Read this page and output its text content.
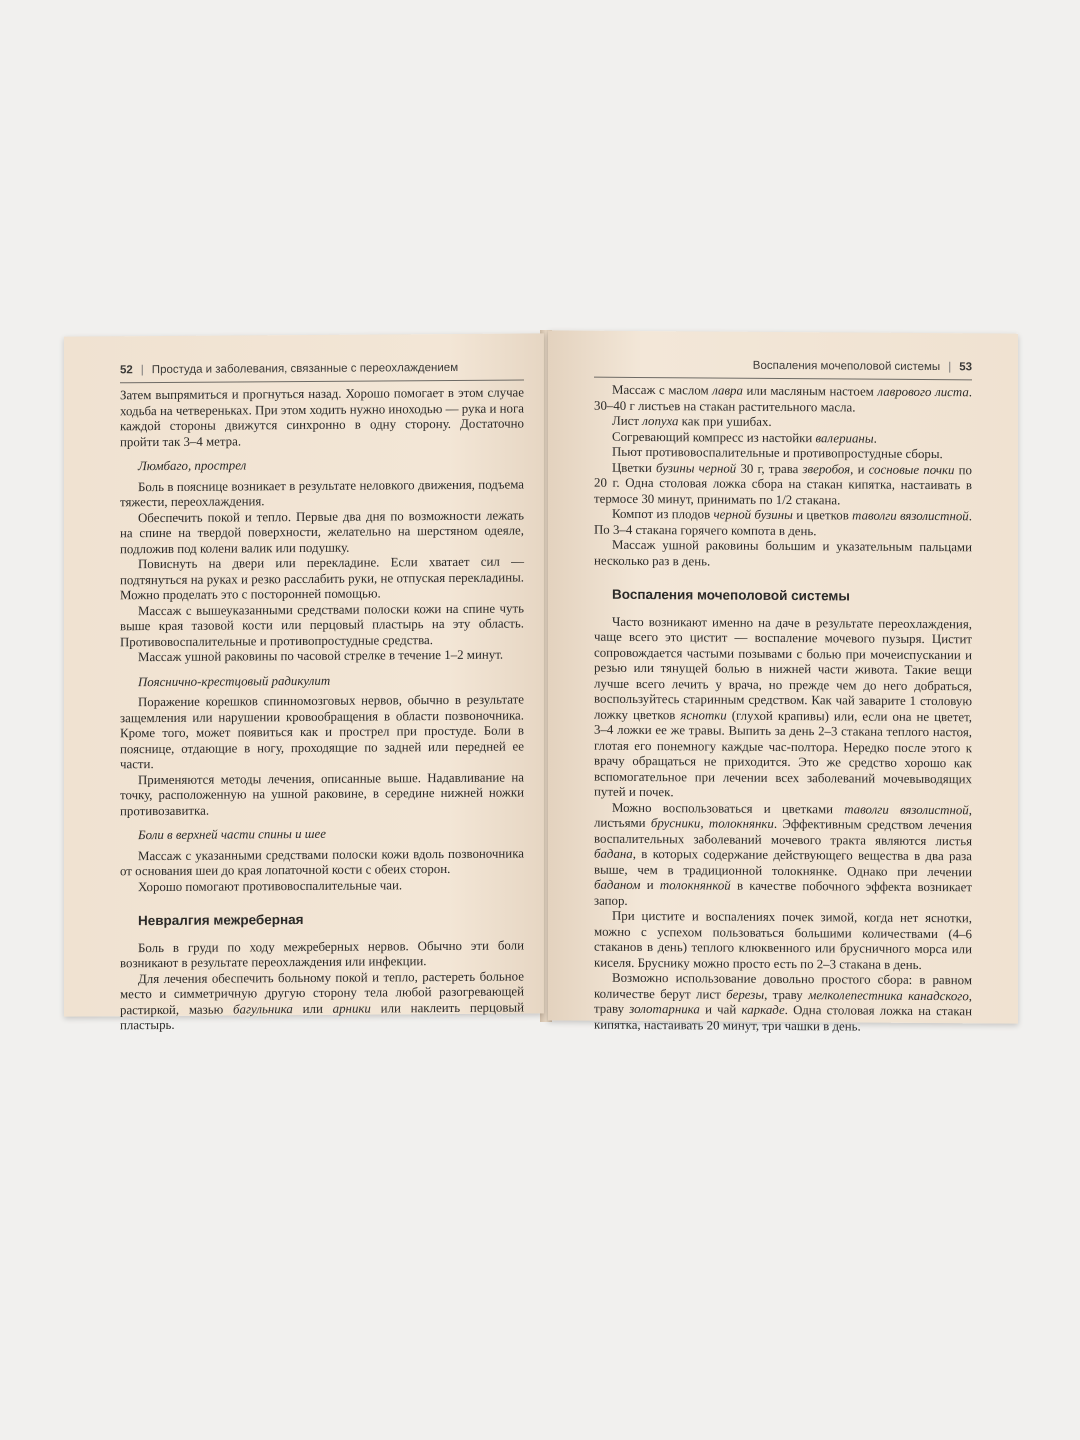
52 | Простуда и заболевания, связанные с переохлаждением

Затем выпрямиться и прогнуться назад. Хорошо помогает в этом случае ходьба на четвереньках. При этом ходить нужно иноходью — рука и нога каждой стороны движутся синхронно в одну сторону. Достаточно пройти так 3–4 метра.

Люмбаго, прострел

Боль в пояснице возникает в результате неловкого движения, подъема тяжести, переохлаждения.

Обеспечить покой и тепло. Первые два дня по возможности лежать на спине на твердой поверхности, желательно на шерстяном одеяле, подложив под колени валик или подушку.

Повиснуть на двери или перекладине. Если хватает сил — подтянуться на руках и резко расслабить руки, не отпуская перекладины. Можно проделать это с посторонней помощью.

Массаж с вышеуказанными средствами полоски кожи на спине чуть выше края тазовой кости или перцовый пластырь на эту область. Противовоспалительные и противопростудные средства.

Массаж ушной раковины по часовой стрелке в течение 1–2 минут.

Пояснично-крестцовый радикулит

Поражение корешков спинномозговых нервов, обычно в результате защемления или нарушении кровообращения в области позвоночника. Кроме того, может появиться как и прострел при простуде. Боли в пояснице, отдающие в ногу, проходящие по задней или передней ее части.

Применяются методы лечения, описанные выше. Надавливание на точку, расположенную на ушной раковине, в середине нижней ножки противозавитка.

Боли в верхней части спины и шее

Массаж с указанными средствами полоски кожи вдоль позвоночника от основания шеи до края лопаточной кости с обеих сторон.

Хорошо помогают противовоспалительные чаи.

Невралгия межреберная

Боль в груди по ходу межреберных нервов. Обычно эти боли возникают в результате переохлаждения или инфекции.

Для лечения обеспечить больному покой и тепло, растереть больное место и симметричную другую сторону тела любой разогревающей растиркой, мазью багульника или арники или наклеить перцовый пластырь.

Воспаления мочеполовой системы | 53

Массаж с маслом лавра или масляным настоем лаврового листа. 30–40 г листьев на стакан растительного масла.

Лист лопуха как при ушибах.

Согревающий компресс из настойки валерианы.

Пьют противовоспалительные и противопростудные сборы.

Цветки бузины черной 30 г, трава зверобоя, и сосновые почки по 20 г. Одна столовая ложка сбора на стакан кипятка, настаивать в термосе 30 минут, принимать по 1/2 стакана.

Компот из плодов черной бузины и цветков таволги вязолистной. По 3–4 стакана горячего компота в день.

Массаж ушной раковины большим и указательным пальцами несколько раз в день.

Воспаления мочеполовой системы

Часто возникают именно на даче в результате переохлаждения, чаще всего это цистит — воспаление мочевого пузыря. Цистит сопровождается частыми позывами с болью при мочеиспускании и резью или тянущей болью в нижней части живота. Такие вещи лучше всего лечить у врача, но прежде чем до него добраться, воспользуйтесь старинным средством. Как чай заварите 1 столовую ложку цветков яснотки (глухой крапивы) или, если она не цветет, 3–4 ложки ее же травы. Выпить за день 2–3 стакана теплого настоя, глотая его понемногу каждые час-полтора. Нередко после этого к врачу обращаться не приходится. Это же средство хорошо как вспомогательное при лечении всех заболеваний мочевыводящих путей и почек.

Можно воспользоваться и цветками таволги вязолистной, листьями брусники, толокнянки. Эффективным средством лечения воспалительных заболеваний мочевого тракта являются листья бадана, в которых содержание действующего вещества в два раза выше, чем в традиционной толокнянке. Однако при лечении баданом и толокнянкой в качестве побочного эффекта возникает запор.

При цистите и воспалениях почек зимой, когда нет яснотки, можно с успехом пользоваться большими количествами (4–6 стаканов в день) теплого клюквенного или брусничного морса или киселя. Бруснику можно просто есть по 2–3 стакана в день.

Возможно использование довольно простого сбора: в равном количестве берут лист березы, траву мелколепестника канадского, траву золотарника и чай каркаде. Одна столовая ложка на стакан кипятка, настаивать 20 минут, три чашки в день.
